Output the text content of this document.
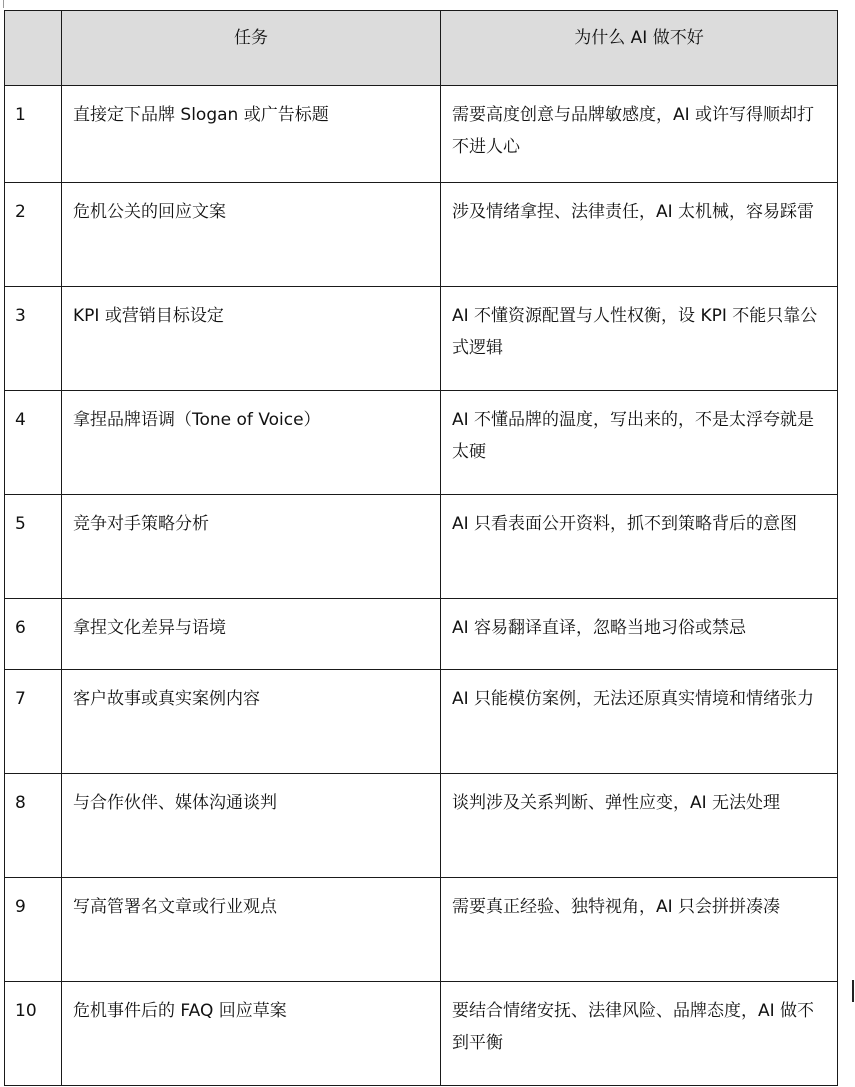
	任务	为什么 AI 做不好
1	直接定下品牌 Slogan 或广告标题	需要高度创意与品牌敏感度，AI 或许写得顺却打不进人心
2	危机公关的回应文案	涉及情绪拿捏、法律责任，AI 太机械，容易踩雷
3	KPI 或营销目标设定	AI 不懂资源配置与人性权衡，设 KPI 不能只靠公式逻辑
4	拿捏品牌语调（Tone of Voice）	AI 不懂品牌的温度，写出来的，不是太浮夸就是太硬
5	竞争对手策略分析	AI 只看表面公开资料，抓不到策略背后的意图
6	拿捏文化差异与语境	AI 容易翻译直译，忽略当地习俗或禁忌
7	客户故事或真实案例内容	AI 只能模仿案例，无法还原真实情境和情绪张力
8	与合作伙伴、媒体沟通谈判	谈判涉及关系判断、弹性应变，AI 无法处理
9	写高管署名文章或行业观点	需要真正经验、独特视角，AI 只会拼拼凑凑
10	危机事件后的 FAQ 回应草案	要结合情绪安抚、法律风险、品牌态度，AI 做不到平衡
